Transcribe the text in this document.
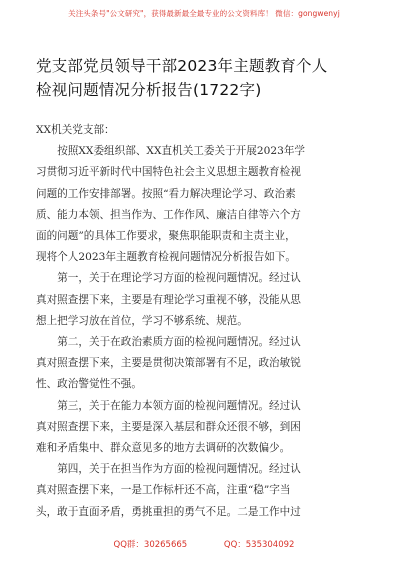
关注头条号"公文研究"，获得最新最全最专业的公文资料库！ 微信：gongwenyj
党支部党员领导干部2023年主题教育个人
检视问题情况分析报告(1722字)

XX机关党支部：

按照XX委组织部、XX直机关工委关于开展2023年学
习贯彻习近平新时代中国特色社会主义思想主题教育检视
问题的工作安排部署。按照“看力解决理论学习、政治素
质、能力本领、担当作为、工作作风、廉洁自律等六个方
面的问题”的具体工作要求，聚焦职能职责和主责主业，
现将个人2023年主题教育检视问题情况分析报告如下。

第一，关于在理论学习方面的检视问题情况。经过认
真对照查摆下来，主要是有理论学习重视不够，没能从思
想上把学习放在首位，学习不够系统、规范。

第二，关于在政治素质方面的检视问题情况。经过认
真对照查摆下来，主要是贯彻决策部署有不足，政治敏锐
性、政治警觉性不强。

第三，关于在能力本领方面的检视问题情况。经过认
真对照查摆下来，主要是深入基层和群众还很不够，到困
难和矛盾集中、群众意见多的地方去调研的次数偏少。

第四，关于在担当作为方面的检视问题情况。经过认
真对照查摆下来，一是工作标杆还不高，注重“稳”字当
头，敢于直面矛盾，勇挑重担的勇气不足。二是工作中过

QQ群：30265665	QQ：535304092
